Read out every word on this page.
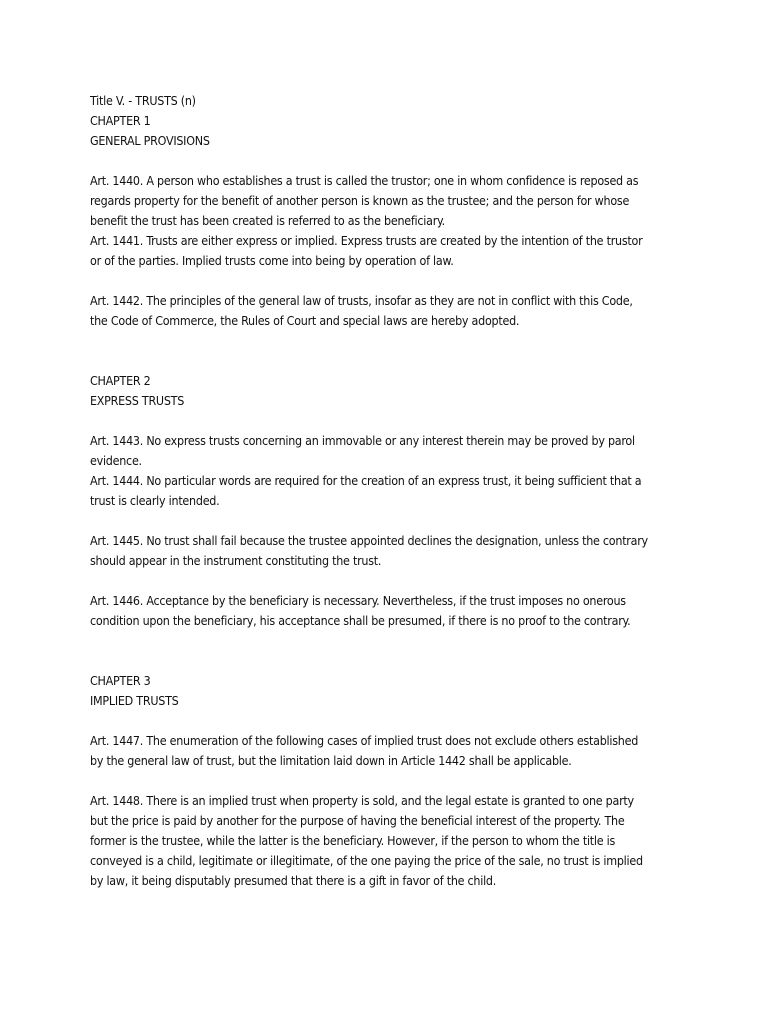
Title V. - TRUSTS (n)
CHAPTER 1
GENERAL PROVISIONS
Art. 1440. A person who establishes a trust is called the trustor; one in whom confidence is reposed as
regards property for the benefit of another person is known as the trustee; and the person for whose
benefit the trust has been created is referred to as the beneficiary.
Art. 1441. Trusts are either express or implied. Express trusts are created by the intention of the trustor
or of the parties. Implied trusts come into being by operation of law.
Art. 1442. The principles of the general law of trusts, insofar as they are not in conflict with this Code,
the Code of Commerce, the Rules of Court and special laws are hereby adopted.
CHAPTER 2
EXPRESS TRUSTS
Art. 1443. No express trusts concerning an immovable or any interest therein may be proved by parol
evidence.
Art. 1444. No particular words are required for the creation of an express trust, it being sufficient that a
trust is clearly intended.
Art. 1445. No trust shall fail because the trustee appointed declines the designation, unless the contrary
should appear in the instrument constituting the trust.
Art. 1446. Acceptance by the beneficiary is necessary. Nevertheless, if the trust imposes no onerous
condition upon the beneficiary, his acceptance shall be presumed, if there is no proof to the contrary.
CHAPTER 3
IMPLIED TRUSTS
Art. 1447. The enumeration of the following cases of implied trust does not exclude others established
by the general law of trust, but the limitation laid down in Article 1442 shall be applicable.
Art. 1448. There is an implied trust when property is sold, and the legal estate is granted to one party
but the price is paid by another for the purpose of having the beneficial interest of the property. The
former is the trustee, while the latter is the beneficiary. However, if the person to whom the title is
conveyed is a child, legitimate or illegitimate, of the one paying the price of the sale, no trust is implied
by law, it being disputably presumed that there is a gift in favor of the child.
